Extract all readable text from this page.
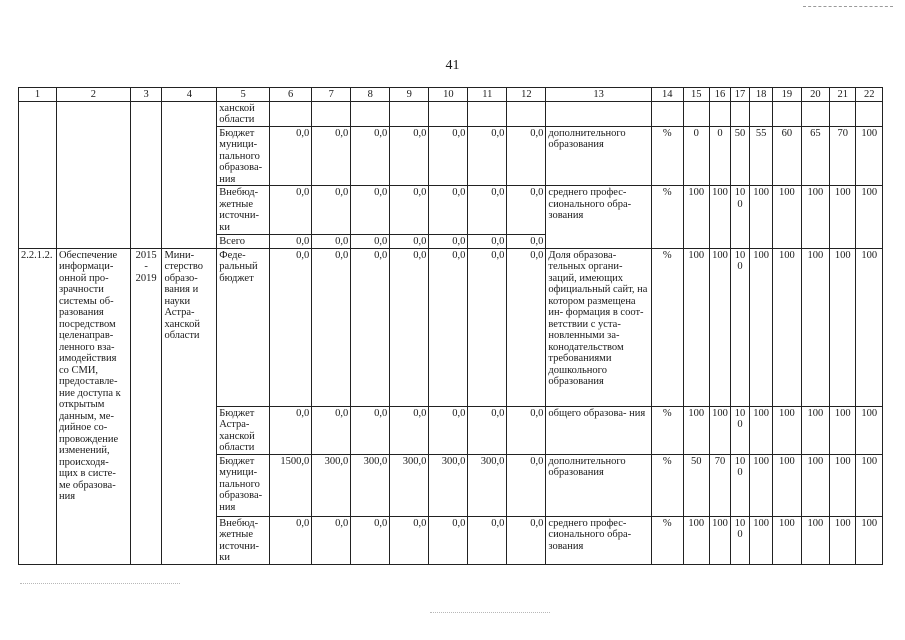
41
1	2	3	4	5	6	7	8	9	10	11	12	13	14	15	16	17	18	19	20	21	22
				ханской области																	
				Бюджет муници- пального образова- ния	0,0	0,0	0,0	0,0	0,0	0,0	0,0	дополнительного образования	%	0	0	50	55	60	65	70	100
				Внебюд- жетные источни- ки	0,0	0,0	0,0	0,0	0,0	0,0	0,0	среднего профес- сионального обра- зования	%	100	100	100	100	100	100	100	100
				Всего	0,0	0,0	0,0	0,0	0,0	0,0	0,0										
2.2.1.2.	Обеспечение информаци- онной про- зрачности системы об- разования посредством целенаправ- ленного вза- имодействия со СМИ, предоставле- ние доступа к открытым данным, ме- дийное со- провождение изменений, происходя- щих в систе- ме образова- ния	2015 - 2019	Мини- стерство образо- вания и науки Астра- ханской области	Феде- ральный бюджет	0,0	0,0	0,0	0,0	0,0	0,0	0,0	Доля образова- тельных органи- заций, имеющих официальный сайт, на котором размещена ин- формация в соот- ветствии с уста- новленными за- конодательством требованиями дошкольного образования	%	100	100	100	100	100	100	100	100
				Бюджет Астра- ханской области	0,0	0,0	0,0	0,0	0,0	0,0	0,0	общего образова- ния	%	100	100	100	100	100	100	100	100
				Бюджет муници- пального образова- ния	1500,0	300,0	300,0	300,0	300,0	300,0	0,0	дополнительного образования	%	50	70	100	100	100	100	100	100
				Внебюд- жетные источни- ки	0,0	0,0	0,0	0,0	0,0	0,0	0,0	среднего профес- сионального обра- зования	%	100	100	100	100	100	100	100	100
